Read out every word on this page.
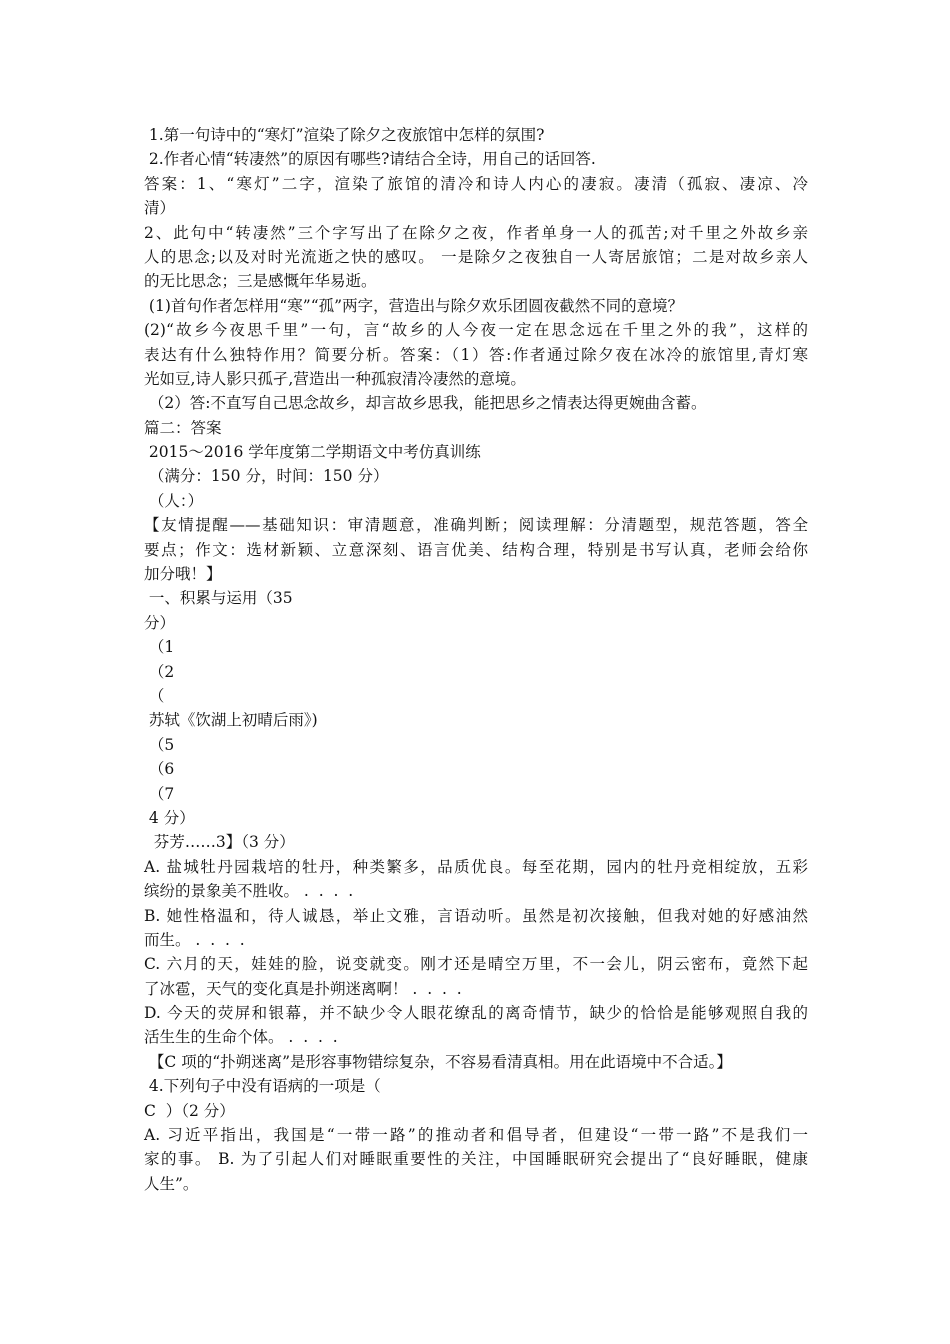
1.第一句诗中的“寒灯”渲染了除夕之夜旅馆中怎样的氛围?

2.作者心情“转凄然”的原因有哪些?请结合全诗，用自己的话回答.

答案：1、“寒灯”二字，渲染了旅馆的清冷和诗人内心的凄寂。凄清（孤寂、凄凉、冷

清）

2、此句中“转凄然”三个字写出了在除夕之夜，作者单身一人的孤苦;对千里之外故乡亲

人的思念;以及对时光流逝之快的感叹。 一是除夕之夜独自一人寄居旅馆；二是对故乡亲人

的无比思念；三是感慨年华易逝。

(1)首句作者怎样用“寒”“孤”两字，营造出与除夕欢乐团圆夜截然不同的意境？

(2)“故乡今夜思千里”一句，言“故乡的人今夜一定在思念远在千里之外的我”，这样的

表达有什么独特作用？简要分析。答案：（1）答:作者通过除夕夜在冰冷的旅馆里,青灯寒

光如豆,诗人影只孤孑,营造出一种孤寂清冷凄然的意境。

（2）答:不直写自己思念故乡，却言故乡思我，能把思乡之情表达得更婉曲含蓄。

篇二：答案

2015～2016 学年度第二学期语文中考仿真训练

（满分：150 分，时间：150 分）

（人：）

【友情提醒——基础知识：审清题意，准确判断；阅读理解：分清题型，规范答题，答全

要点；作文：选材新颖、立意深刻、语言优美、结构合理，特别是书写认真，老师会给你

加分哦！】

一、积累与运用（35

分）

（1

（2

（

苏轼《饮湖上初晴后雨》)

（5

（6

（7

4 分）

芬芳……3】（3 分）

A. 盐城牡丹园栽培的牡丹，种类繁多，品质优良。每至花期，园内的牡丹竞相绽放，五彩

缤纷的景象美不胜收。 .  .  .  .

B. 她性格温和，待人诚恳，举止文雅，言语动听。虽然是初次接触，但我对她的好感油然

而生。 .  .  .  .

C. 六月的天，娃娃的脸，说变就变。刚才还是晴空万里，不一会儿，阴云密布，竟然下起

了冰雹，天气的变化真是扑朔迷离啊！ .  .  .  .

D. 今天的荧屏和银幕，并不缺少令人眼花缭乱的离奇情节，缺少的恰恰是能够观照自我的

活生生的生命个体。 .  .  .  .

【C 项的“扑朔迷离”是形容事物错综复杂，不容易看清真相。用在此语境中不合适。】

4.下列句子中没有语病的一项是（

C  ）（2 分）

A. 习近平指出，我国是“一带一路”的推动者和倡导者，但建设“一带一路”不是我们一

家的事。 B. 为了引起人们对睡眠重要性的关注，中国睡眠研究会提出了“良好睡眠，健康

人生”。
